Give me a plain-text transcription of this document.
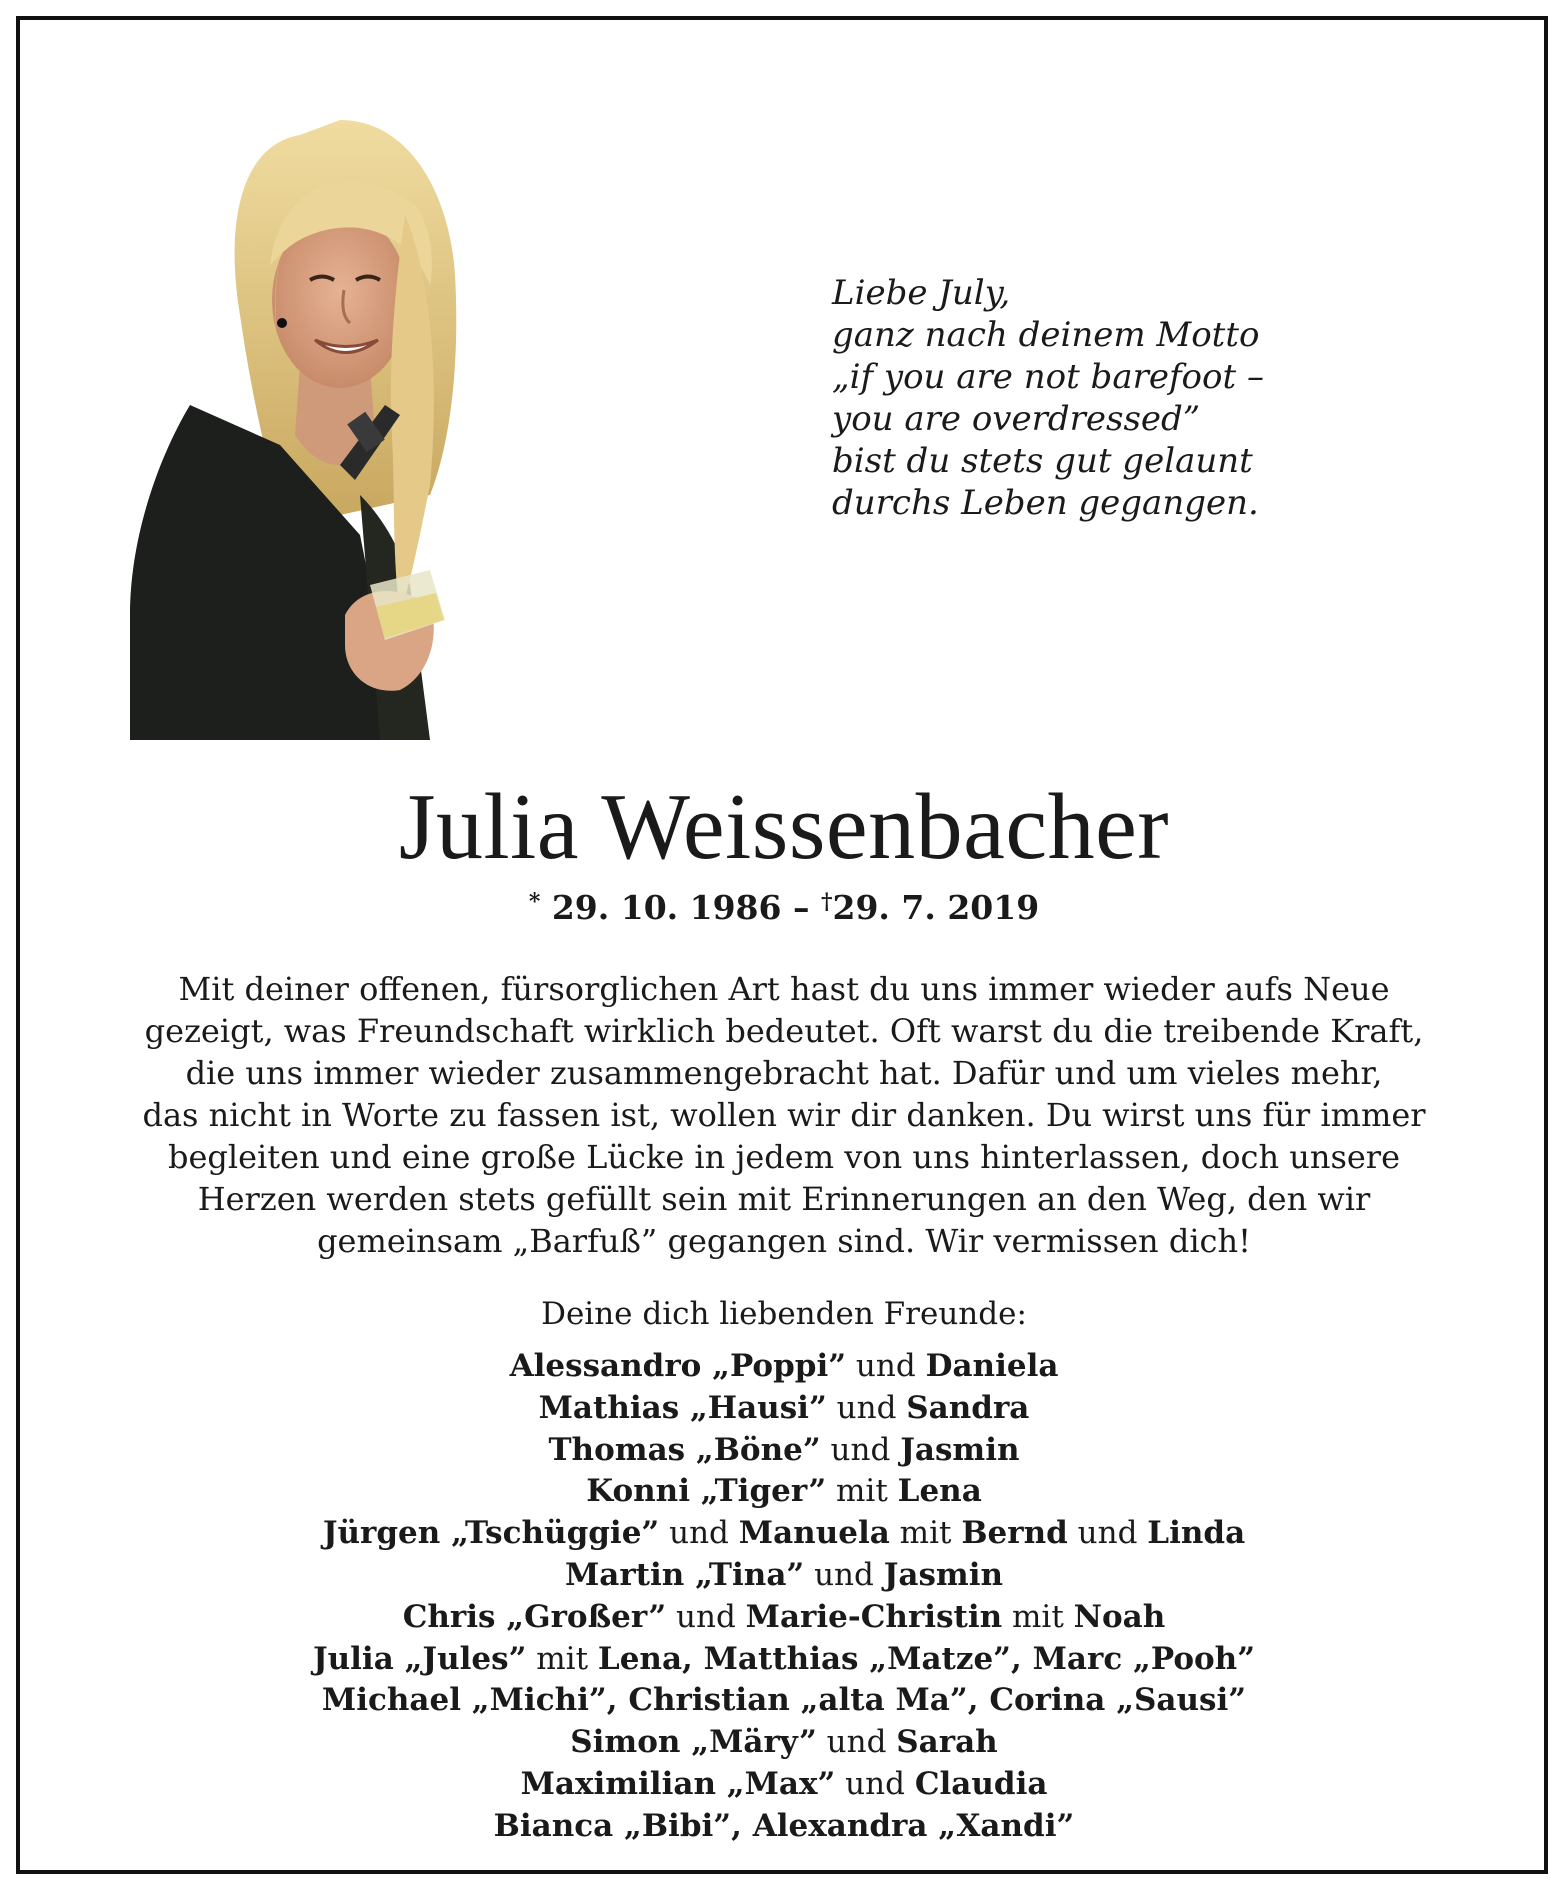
Liebe July,
ganz nach deinem Motto
„if you are not barefoot –
you are overdressed”
bist du stets gut gelaunt
durchs Leben gegangen.
Julia Weissenbacher
* 29. 10. 1986 – †29. 7. 2019
Mit deiner offenen, fürsorglichen Art hast du uns immer wieder aufs Neue
gezeigt, was Freundschaft wirklich bedeutet. Oft warst du die treibende Kraft,
die uns immer wieder zusammengebracht hat. Dafür und um vieles mehr,
das nicht in Worte zu fassen ist, wollen wir dir danken. Du wirst uns für immer
begleiten und eine große Lücke in jedem von uns hinterlassen, doch unsere
Herzen werden stets gefüllt sein mit Erinnerungen an den Weg, den wir
gemeinsam „Barfuß” gegangen sind. Wir vermissen dich!
Deine dich liebenden Freunde:
Alessandro „Poppi” und Daniela
Mathias „Hausi” und Sandra
Thomas „Böne” und Jasmin
Konni „Tiger” mit Lena
Jürgen „Tschüggie” und Manuela mit Bernd und Linda
Martin „Tina” und Jasmin
Chris „Großer” und Marie-Christin mit Noah
Julia „Jules” mit Lena, Matthias „Matze”, Marc „Pooh”
Michael „Michi”, Christian „alta Ma”, Corina „Sausi”
Simon „Märy” und Sarah
Maximilian „Max” und Claudia
Bianca „Bibi”, Alexandra „Xandi”
